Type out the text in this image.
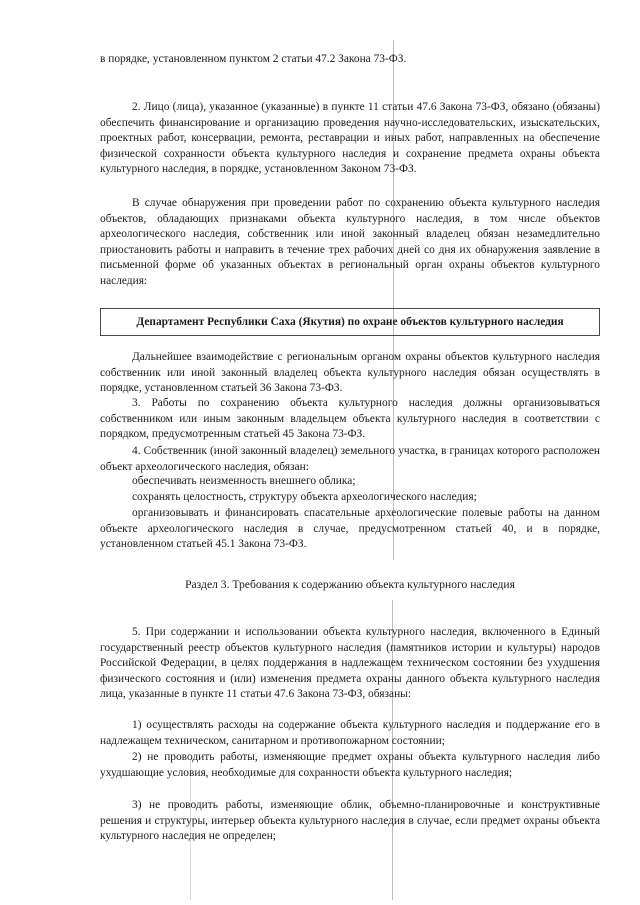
в порядке, установленном пунктом 2 статьи 47.2 Закона 73-ФЗ.

2. Лицо (лица), указанное (указанные) в пункте 11 статьи 47.6 Закона 73-ФЗ, обязано (обязаны) обеспечить финансирование и организацию проведения научно-исследовательских, изыскательских, проектных работ, консервации, ремонта, реставрации и иных работ, направленных на обеспечение физической сохранности объекта культурного наследия и сохранение предмета охраны объекта культурного наследия, в порядке, установленном Законом 73-ФЗ.

В случае обнаружения при проведении работ по сохранению объекта культурного наследия объектов, обладающих признаками объекта культурного наследия, в том числе объектов археологического наследия, собственник или иной законный владелец обязан незамедлительно приостановить работы и направить в течение трех рабочих дней со дня их обнаружения заявление в письменной форме об указанных объектах в региональный орган охраны объектов культурного наследия:

Департамент Республики Саха (Якутия) по охране объектов культурного наследия

Дальнейшее взаимодействие с региональным органом охраны объектов культурного наследия собственник или иной законный владелец объекта культурного наследия обязан осуществлять в порядке, установленном статьей 36 Закона 73-ФЗ.

3. Работы по сохранению объекта культурного наследия должны организовываться собственником или иным законным владельцем объекта культурного наследия в соответствии с порядком, предусмотренным статьей 45 Закона 73-ФЗ.

4. Собственник (иной законный владелец) земельного участка, в границах которого расположен объект археологического наследия, обязан:

обеспечивать неизменность внешнего облика;

сохранять целостность, структуру объекта археологического наследия;

организовывать и финансировать спасательные археологические полевые работы на данном объекте археологического наследия в случае, предусмотренном статьей 40, и в порядке, установленном статьей 45.1 Закона 73-ФЗ.

Раздел 3. Требования к содержанию объекта культурного наследия

5. При содержании и использовании объекта культурного наследия, включенного в Единый государственный реестр объектов культурного наследия (памятников истории и культуры) народов Российской Федерации, в целях поддержания в надлежащем техническом состоянии без ухудшения физического состояния и (или) изменения предмета охраны данного объекта культурного наследия лица, указанные в пункте 11 статьи 47.6 Закона 73-ФЗ, обязаны:

1) осуществлять расходы на содержание объекта культурного наследия и поддержание его в надлежащем техническом, санитарном и противопожарном состоянии;

2) не проводить работы, изменяющие предмет охраны объекта культурного наследия либо ухудшающие условия, необходимые для сохранности объекта культурного наследия;

3) не проводить работы, изменяющие облик, объемно-планировочные и конструктивные решения и структуры, интерьер объекта культурного наследия в случае, если предмет охраны объекта культурного наследия не определен;
